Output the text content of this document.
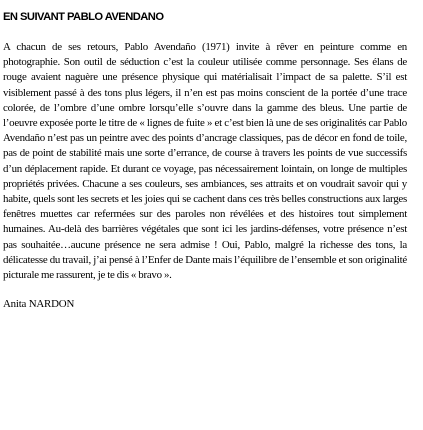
EN SUIVANT PABLO AVENDANO

A chacun de ses retours, Pablo Avendaño (1971) invite à rêver en peinture comme en photographie. Son outil de séduction c’est la couleur utilisée comme personnage. Ses élans de rouge avaient naguère une présence physique qui matérialisait l’impact de sa palette. S’il est visiblement passé à des tons plus légers, il n’en est pas moins conscient de la portée d’une trace colorée, de l’ombre d’une ombre lorsqu’elle s’ouvre dans la gamme des bleus. Une partie de l’oeuvre exposée porte le titre de « lignes de fuite » et c’est bien là une de ses originalités car Pablo Avendaño n’est pas un peintre avec des points d’ancrage classiques, pas de décor en fond de toile, pas de point de stabilité mais une sorte d’errance, de course à travers les points de vue successifs d’un déplacement rapide. Et durant ce voyage, pas nécessairement lointain, on longe de multiples propriétés privées. Chacune a ses couleurs, ses ambiances, ses attraits et on voudrait savoir qui y habite, quels sont les secrets et les joies qui se cachent dans ces très belles constructions aux larges fenêtres muettes car refermées sur des paroles non révélées et des histoires tout simplement humaines. Au-delà des barrières végétales que sont ici les jardins-défenses, votre présence n’est pas souhaitée…aucune présence ne sera admise ! Oui, Pablo, malgré la richesse des tons, la délicatesse du travail, j’ai pensé à l’Enfer de Dante mais l’équilibre de l’ensemble et son originalité picturale me rassurent, je te dis « bravo ».

Anita NARDON
